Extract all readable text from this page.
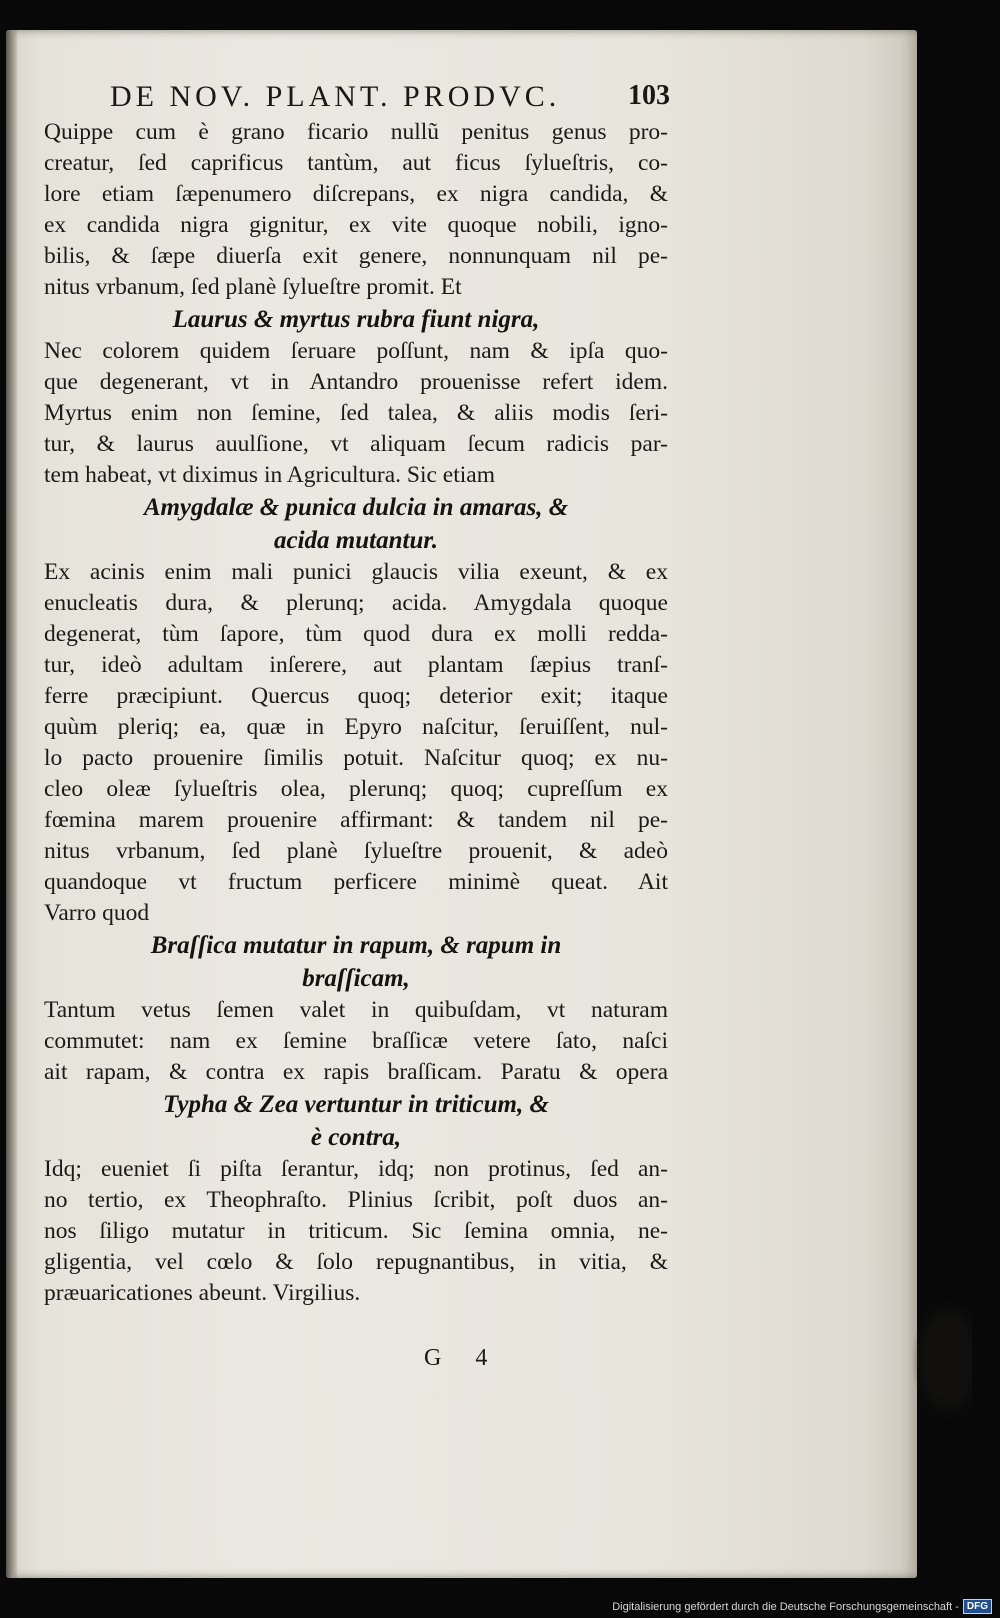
DE NOV. PLANT. PRODVC.	103
Quippe cum è grano ficario nullũ penitus genus pro-
creatur, ſed caprificus tantùm, aut ficus ſylueſtris, co-
lore etiam ſæpenumero diſcrepans, ex nigra candida, &
ex candida nigra gignitur, ex vite quoque nobili, igno-
bilis, & ſæpe diuerſa exit genere, nonnunquam nil pe-
nitus vrbanum, ſed planè ſylueſtre promit. Et
Laurus & myrtus rubra fiunt nigra,
Nec colorem quidem ſeruare poſſunt, nam & ipſa quo-
que degenerant, vt in Antandro prouenisse refert idem.
Myrtus enim non ſemine, ſed talea, & aliis modis ſeri-
tur, & laurus auulſione, vt aliquam ſecum radicis par-
tem habeat, vt diximus in Agricultura. Sic etiam
Amygdalæ & punica dulcia in amaras, &
acida mutantur.
Ex acinis enim mali punici glaucis vilia exeunt, & ex
enucleatis dura, & plerunq; acida. Amygdala quoque
degenerat, tùm ſapore, tùm quod dura ex molli redda-
tur, ideò adultam inſerere, aut plantam ſæpius tranſ-
ferre præcipiunt. Quercus quoq; deterior exit; itaque
quùm plerіq; ea, quæ in Epyro naſcitur, ſeruiſſent, nul-
lo pacto prouenire ſimilis potuit. Naſcitur quoq; ex nu-
cleo oleæ ſylueſtris olea, plerunq; quoq; cupreſſum ex
fœmina marem prouenire affirmant: & tandem nil pe-
nitus vrbanum, ſed planè ſylueſtre prouenit, & adeò
quandoque vt fructum perficere minimè queat. Ait
Varro quod
Braſſica mutatur in rapum, & rapum in
braſſicam,
Tantum vetus ſemen valet in quibuſdam, vt naturam
commutet: nam ex ſemine braſſicæ vetere ſato, naſci
ait rapam, & contra ex rapis braſſicam. Paratu & opera
Typha & Zea vertuntur in triticum, &
è contra,
Idq; eueniet ſi piſta ſerantur, idq; non protinus, ſed an-
no tertio, ex Theophraſto. Plinius ſcribit, poſt duos an-
nos ſiligo mutatur in triticum. Sic ſemina omnia, ne-
gligentia, vel cœlo & ſolo repugnantibus, in vitia, &
præuaricationes abeunt. Virgilius.
G 4
Digitalisierung gefördert durch die Deutsche Forschungsgemeinschaft - DFG
